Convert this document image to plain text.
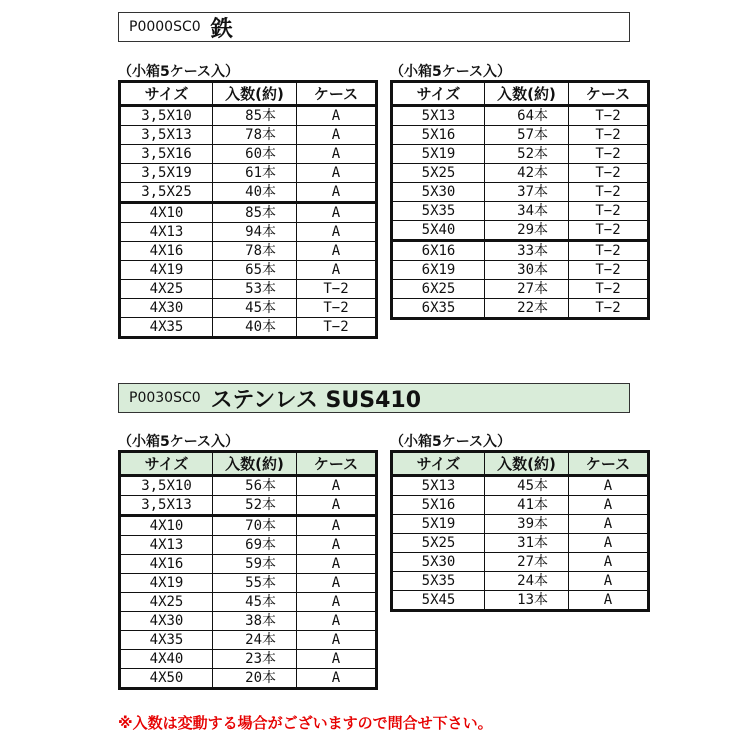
P0000SC0 鉄
（小箱5ケース入）
サイズ	入数(約)	ケース
3,5X10	85本	A
3,5X13	78本	A
3,5X16	60本	A
3,5X19	61本	A
3,5X25	40本	A
4X10	85本	A
4X13	94本	A
4X16	78本	A
4X19	65本	A
4X25	53本	T−2
4X30	45本	T−2
4X35	40本	T−2
（小箱5ケース入）
サイズ	入数(約)	ケース
5X13	64本	T−2
5X16	57本	T−2
5X19	52本	T−2
5X25	42本	T−2
5X30	37本	T−2
5X35	34本	T−2
5X40	29本	T−2
6X16	33本	T−2
6X19	30本	T−2
6X25	27本	T−2
6X35	22本	T−2
P0030SC0 ステンレス SUS410
（小箱5ケース入）
サイズ	入数(約)	ケース
3,5X10	56本	A
3,5X13	52本	A
4X10	70本	A
4X13	69本	A
4X16	59本	A
4X19	55本	A
4X25	45本	A
4X30	38本	A
4X35	24本	A
4X40	23本	A
4X50	20本	A
（小箱5ケース入）
サイズ	入数(約)	ケース
5X13	45本	A
5X16	41本	A
5X19	39本	A
5X25	31本	A
5X30	27本	A
5X35	24本	A
5X45	13本	A
※入数は変動する場合がございますので問合せ下さい。
